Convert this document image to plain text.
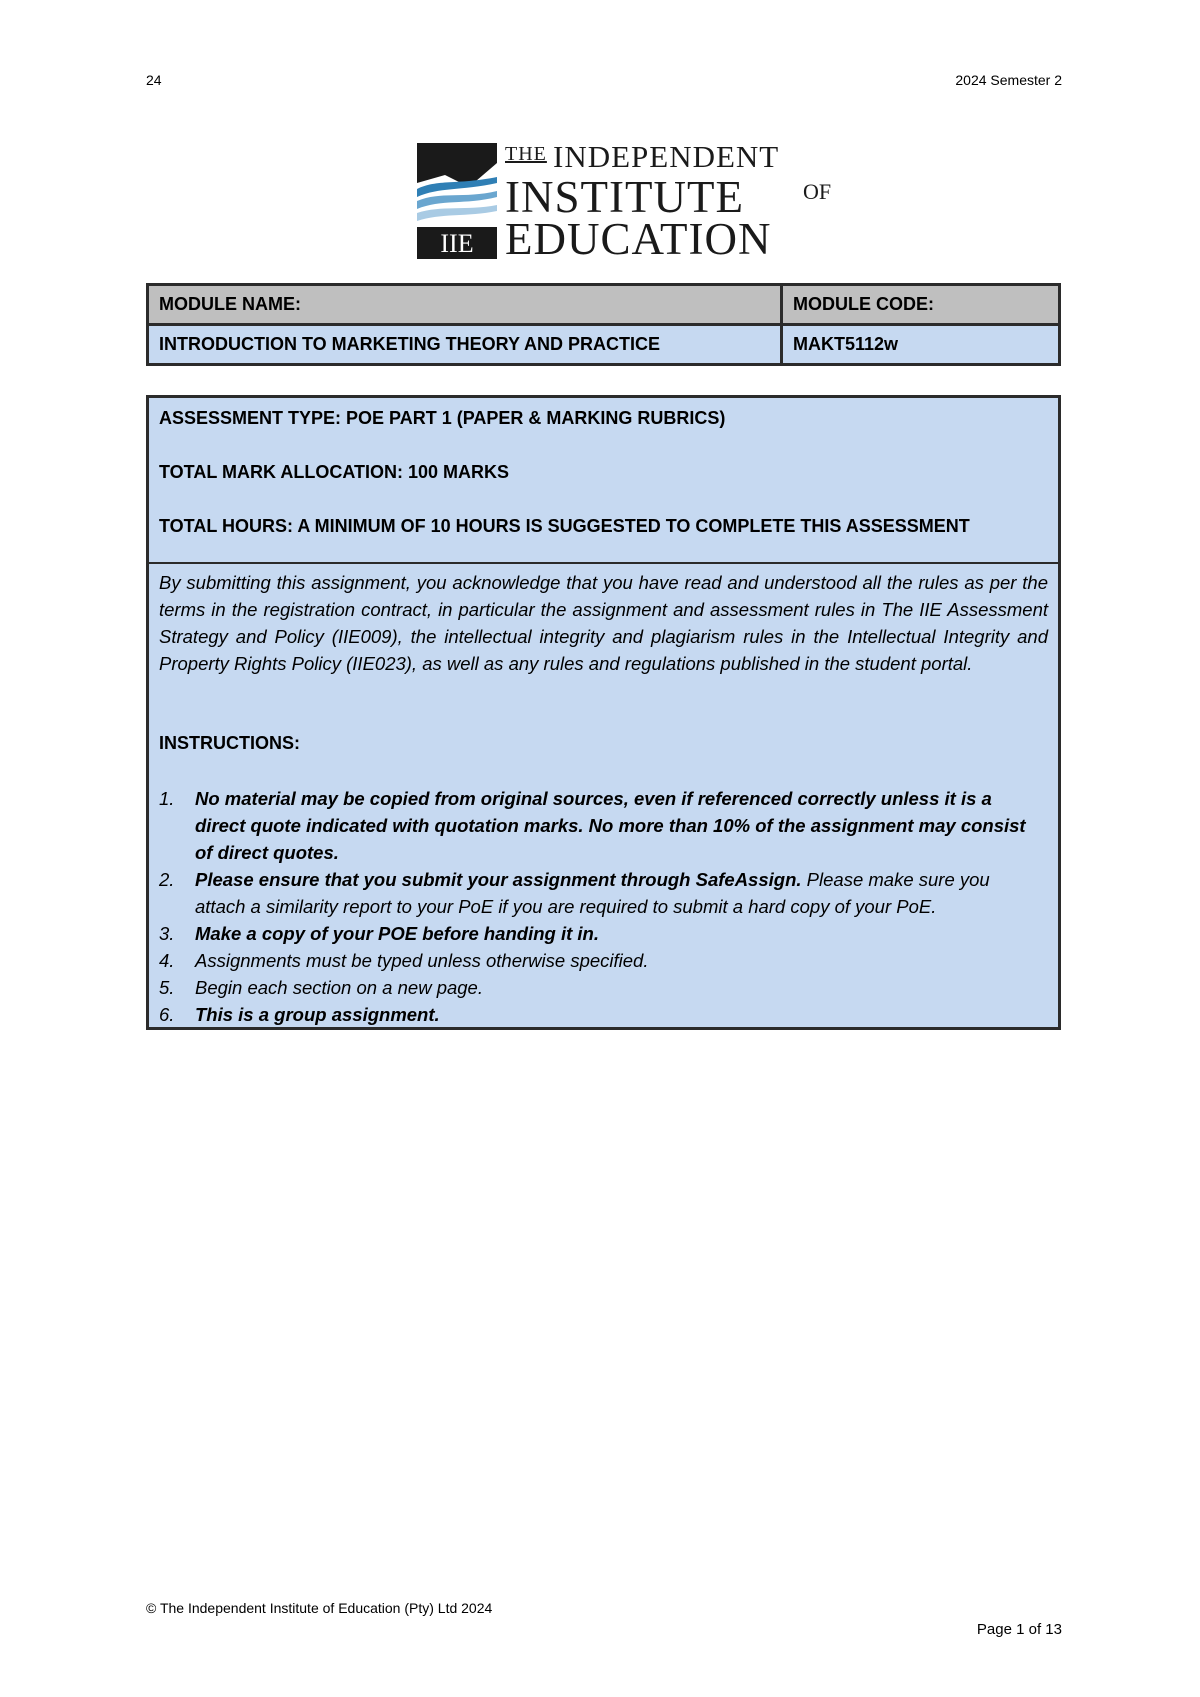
24	2024 Semester 2
IIE
THE INDEPENDENT
INSTITUTE	OF
EDUCATION
MODULE NAME:	MODULE CODE:
INTRODUCTION TO MARKETING THEORY AND PRACTICE	MAKT5112w
ASSESSMENT TYPE: POE PART 1 (PAPER & MARKING RUBRICS)
TOTAL MARK ALLOCATION: 100 MARKS
TOTAL HOURS: A MINIMUM OF 10 HOURS IS SUGGESTED TO COMPLETE THIS ASSESSMENT
By submitting this assignment, you acknowledge that you have read and understood all the rules as per the terms in the registration contract, in particular the assignment and assessment rules in The IIE Assessment Strategy and Policy (IIE009), the intellectual integrity and plagiarism rules in the Intellectual Integrity and Property Rights Policy (IIE023), as well as any rules and regulations published in the student portal.
INSTRUCTIONS:
1. No material may be copied from original sources, even if referenced correctly unless it is a direct quote indicated with quotation marks. No more than 10% of the assignment may consist of direct quotes.
2. Please ensure that you submit your assignment through SafeAssign. Please make sure you attach a similarity report to your PoE if you are required to submit a hard copy of your PoE.
3. Make a copy of your POE before handing it in.
4. Assignments must be typed unless otherwise specified.
5. Begin each section on a new page.
6. This is a group assignment.
© The Independent Institute of Education (Pty) Ltd 2024
Page 1 of 13
